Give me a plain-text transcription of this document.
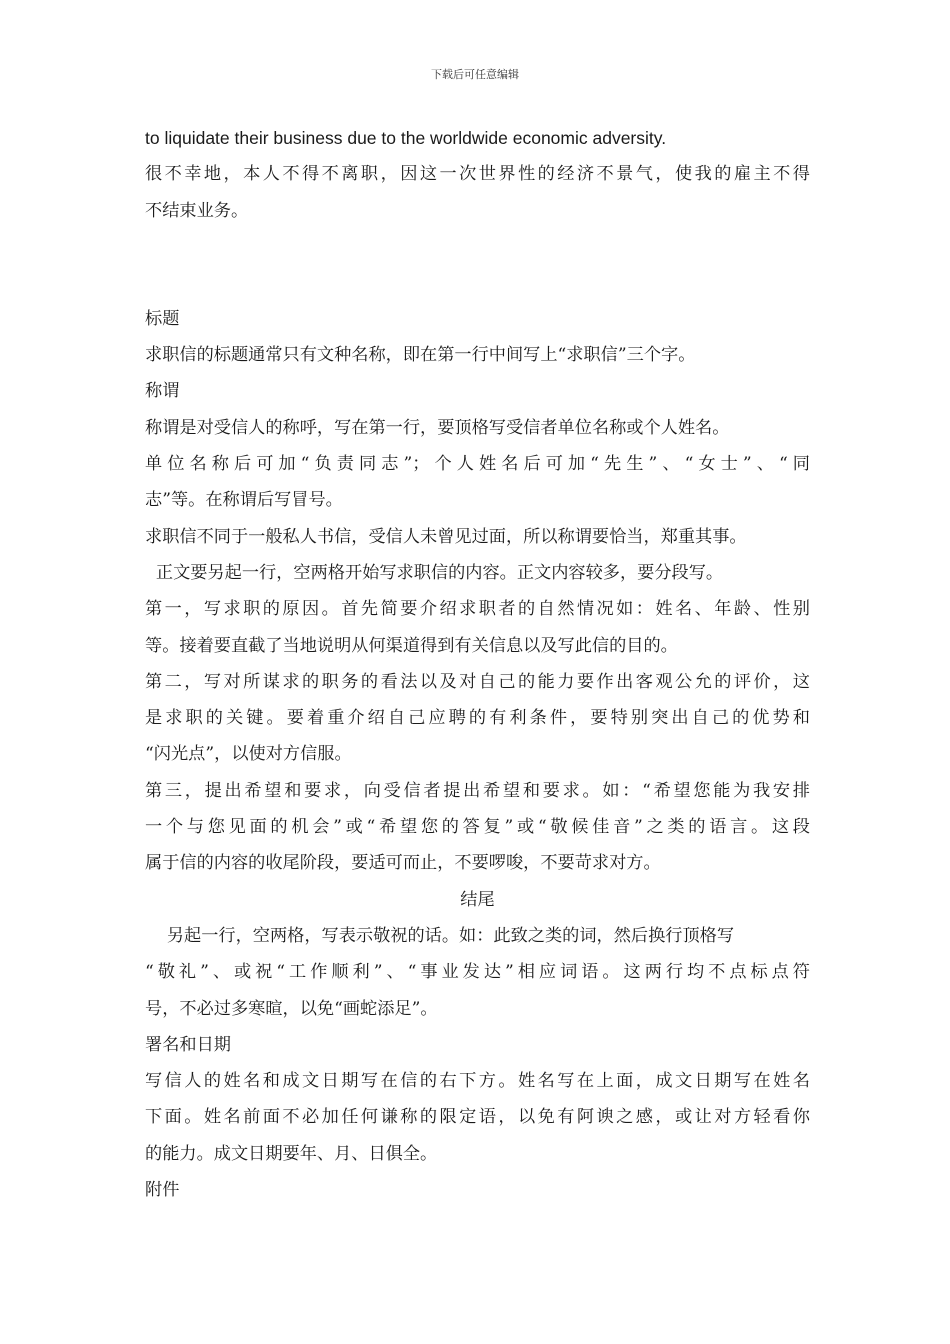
下载后可任意编辑
to liquidate their business due to the worldwide economic adversity.
很不幸地，本人不得不离职，因这一次世界性的经济不景气，使我的雇主不得
不结束业务。
标题
求职信的标题通常只有文种名称，即在第一行中间写上“求职信”三个字。
称谓
称谓是对受信人的称呼，写在第一行，要顶格写受信者单位名称或个人姓名。
单位名称后可加“负责同志”；个人姓名后可加“先生”、“女士”、“同
志”等。在称谓后写冒号。
求职信不同于一般私人书信，受信人未曾见过面，所以称谓要恰当，郑重其事。
正文要另起一行，空两格开始写求职信的内容。正文内容较多，要分段写。
第一，写求职的原因。首先简要介绍求职者的自然情况如：姓名、年龄、性别
等。接着要直截了当地说明从何渠道得到有关信息以及写此信的目的。
第二，写对所谋求的职务的看法以及对自己的能力要作出客观公允的评价，这
是求职的关键。要着重介绍自己应聘的有利条件，要特别突出自己的优势和
“闪光点”，以使对方信服。
第三，提出希望和要求，向受信者提出希望和要求。如：“希望您能为我安排
一个与您见面的机会”或“希望您的答复”或“敬候佳音”之类的语言。这段
属于信的内容的收尾阶段，要适可而止，不要啰唆，不要苛求对方。
结尾
另起一行，空两格，写表示敬祝的话。如：此致之类的词，然后换行顶格写
“敬礼”、或祝“工作顺利”、“事业发达”相应词语。这两行均不点标点符
号，不必过多寒暄，以免“画蛇添足”。
署名和日期
写信人的姓名和成文日期写在信的右下方。姓名写在上面，成文日期写在姓名
下面。姓名前面不必加任何谦称的限定语，以免有阿谀之感，或让对方轻看你
的能力。成文日期要年、月、日俱全。
附件
